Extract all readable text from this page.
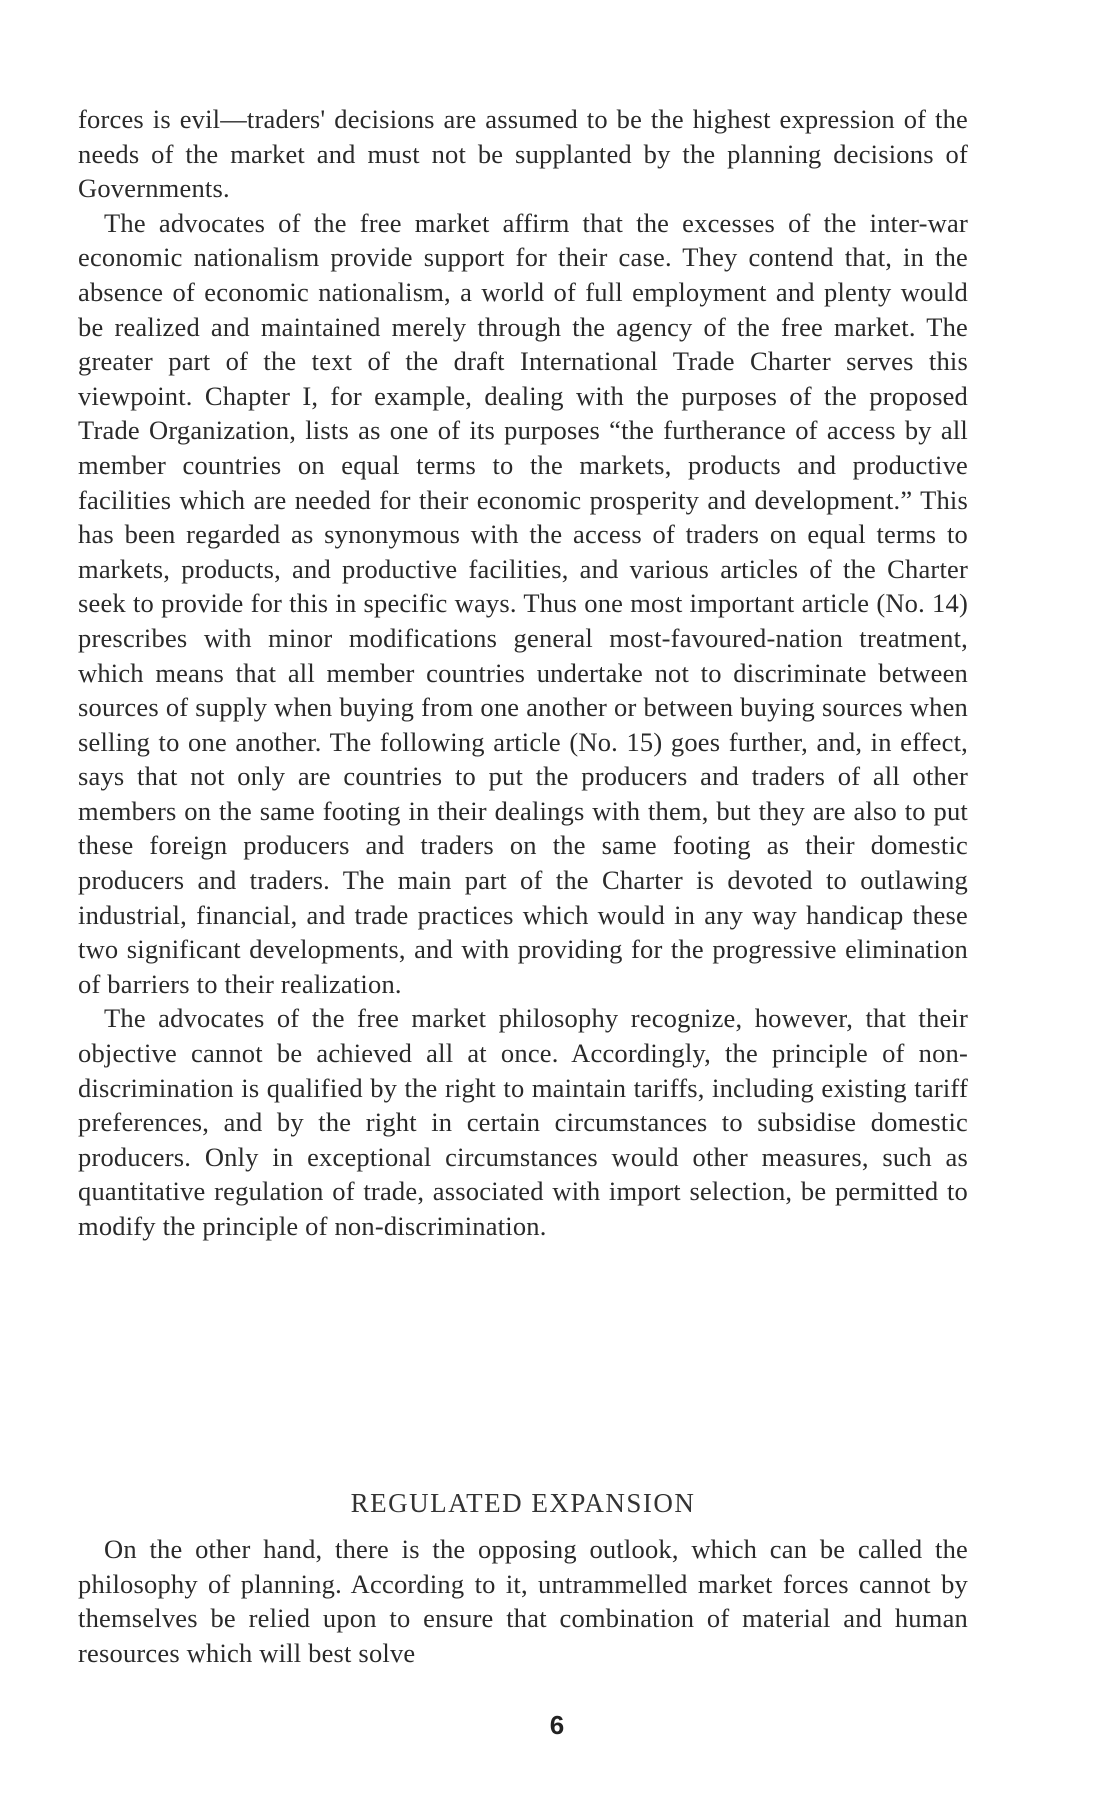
forces is evil—traders' decisions are assumed to be the highest expression of the needs of the market and must not be supplanted by the planning decisions of Governments.

The advocates of the free market affirm that the excesses of the inter-war economic nationalism provide support for their case. They contend that, in the absence of economic nationalism, a world of full employment and plenty would be realized and maintained merely through the agency of the free market. The greater part of the text of the draft International Trade Charter serves this viewpoint. Chapter I, for example, dealing with the purposes of the proposed Trade Organization, lists as one of its purposes “the furtherance of access by all member countries on equal terms to the markets, products and productive facilities which are needed for their economic prosperity and development.” This has been regarded as synonymous with the access of traders on equal terms to markets, products, and productive facilities, and various articles of the Charter seek to provide for this in specific ways. Thus one most important article (No. 14) prescribes with minor modifications general most-favoured-nation treatment, which means that all member countries undertake not to discriminate between sources of supply when buying from one another or between buying sources when selling to one another. The following article (No. 15) goes further, and, in effect, says that not only are countries to put the producers and traders of all other members on the same footing in their dealings with them, but they are also to put these foreign producers and traders on the same footing as their domestic producers and traders. The main part of the Charter is devoted to outlawing industrial, financial, and trade practices which would in any way handicap these two significant developments, and with providing for the progressive elimination of barriers to their realization.

The advocates of the free market philosophy recognize, however, that their objective cannot be achieved all at once. Accordingly, the principle of non-discrimination is qualified by the right to maintain tariffs, including existing tariff preferences, and by the right in certain circumstances to subsidise domestic producers. Only in exceptional circumstances would other measures, such as quantitative regulation of trade, associated with import selection, be permitted to modify the principle of non-discrimination.

REGULATED EXPANSION

On the other hand, there is the opposing outlook, which can be called the philosophy of planning. According to it, untrammelled market forces cannot by themselves be relied upon to ensure that combination of material and human resources which will best solve

6
